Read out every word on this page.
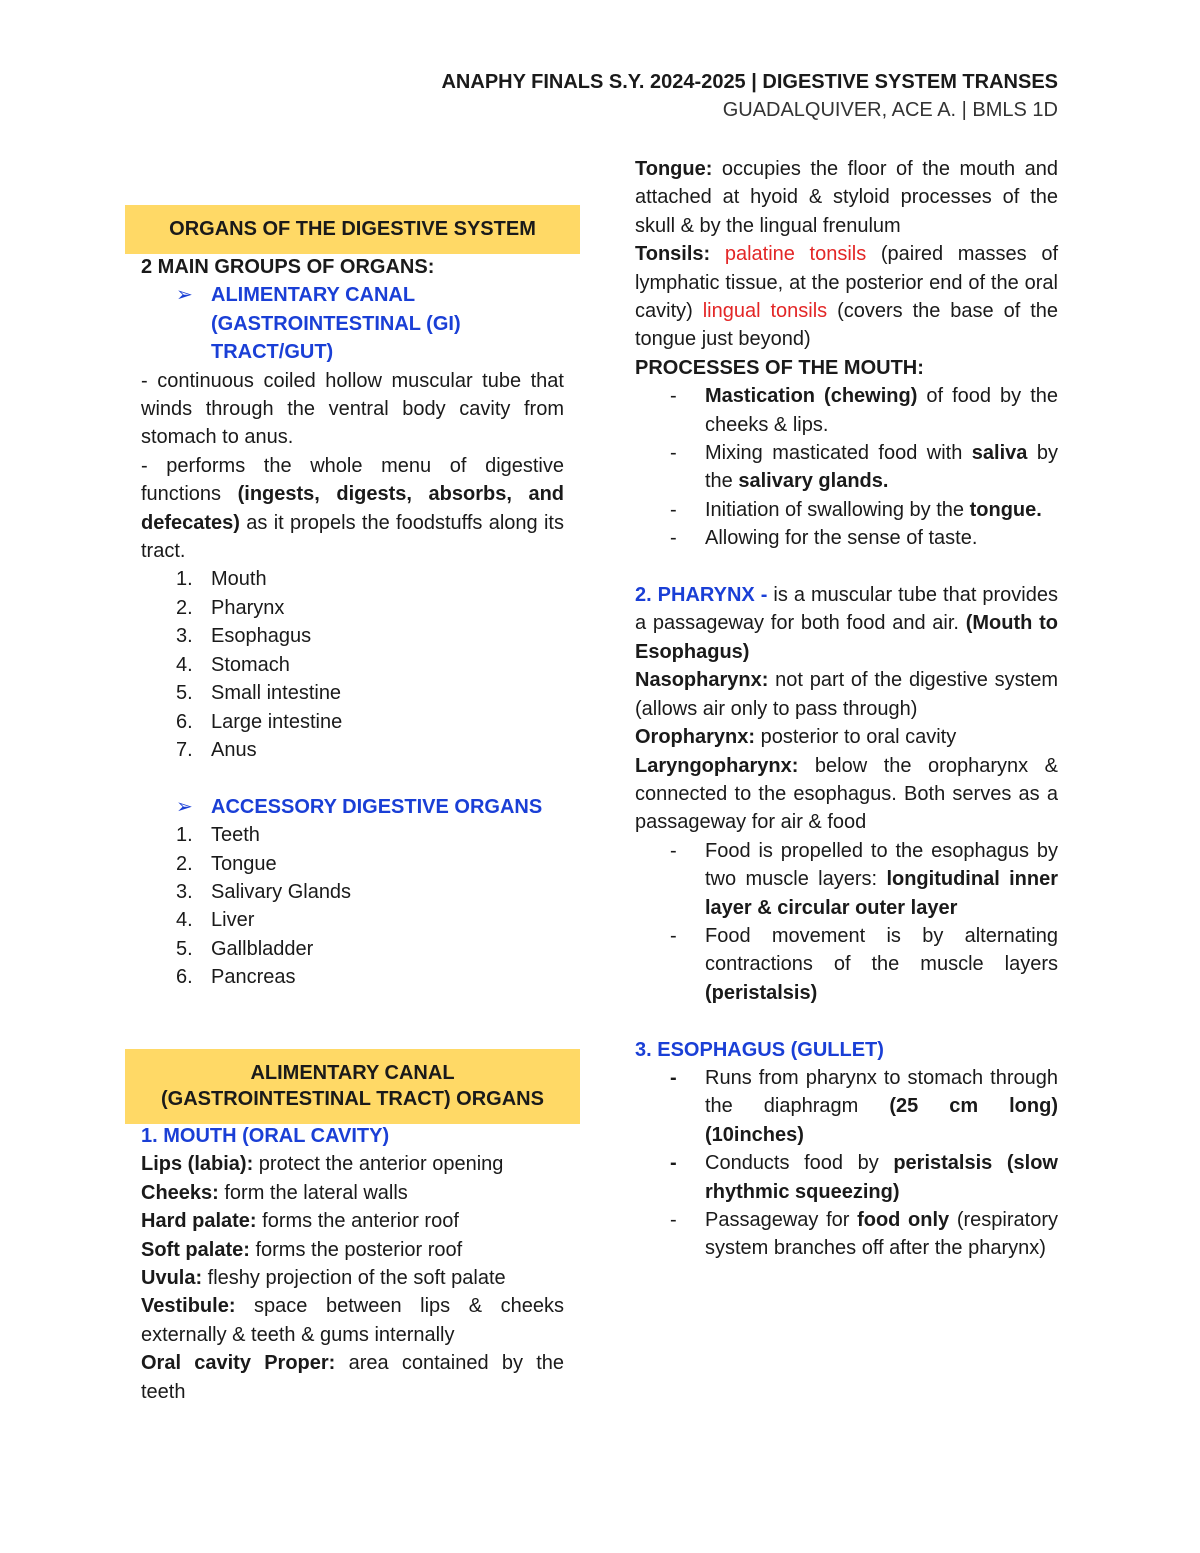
ANAPHY FINALS S.Y. 2024-2025 | DIGESTIVE SYSTEM TRANSES
GUADALQUIVER, ACE A. | BMLS 1D
ORGANS OF THE DIGESTIVE SYSTEM
2 MAIN GROUPS OF ORGANS:
➢ ALIMENTARY CANAL (GASTROINTESTINAL (GI) TRACT/GUT)

- continuous coiled hollow muscular tube that winds through the ventral body cavity from stomach to anus.

- performs the whole menu of digestive functions (ingests, digests, absorbs, and defecates) as it propels the foodstuffs along its tract.

1. Mouth
2. Pharynx
3. Esophagus
4. Stomach
5. Small intestine
6. Large intestine
7. Anus
➢ ACCESSORY DIGESTIVE ORGANS
1. Teeth
2. Tongue
3. Salivary Glands
4. Liver
5. Gallbladder
6. Pancreas
ALIMENTARY CANAL
(GASTROINTESTINAL TRACT) ORGANS
1. MOUTH (ORAL CAVITY)

Lips (labia): protect the anterior opening

Cheeks: form the lateral walls

Hard palate: forms the anterior roof

Soft palate: forms the posterior roof

Uvula: fleshy projection of the soft palate

Vestibule: space between lips & cheeks externally & teeth & gums internally

Oral cavity Proper: area contained by the teeth

Tongue: occupies the floor of the mouth and attached at hyoid & styloid processes of the skull & by the lingual frenulum

Tonsils: palatine tonsils (paired masses of lymphatic tissue, at the posterior end of the oral cavity) lingual tonsils (covers the base of the tongue just beyond)

PROCESSES OF THE MOUTH:
-	Mastication (chewing) of food by the cheeks & lips.
-	Mixing masticated food with saliva by the salivary glands.
-	Initiation of swallowing by the tongue.
-	Allowing for the sense of taste.

2. PHARYNX - is a muscular tube that provides a passageway for both food and air. (Mouth to Esophagus)

Nasopharynx: not part of the digestive system (allows air only to pass through)

Oropharynx: posterior to oral cavity

Laryngopharynx: below the oropharynx & connected to the esophagus. Both serves as a passageway for air & food

-	Food is propelled to the esophagus by two muscle layers: longitudinal inner layer & circular outer layer
-	Food movement is by alternating contractions of the muscle layers (peristalsis)
3. ESOPHAGUS (GULLET)
-	Runs from pharynx to stomach through the diaphragm (25 cm long) (10inches)
-	Conducts food by peristalsis (slow rhythmic squeezing)
-	Passageway for food only (respiratory system branches off after the pharynx)
